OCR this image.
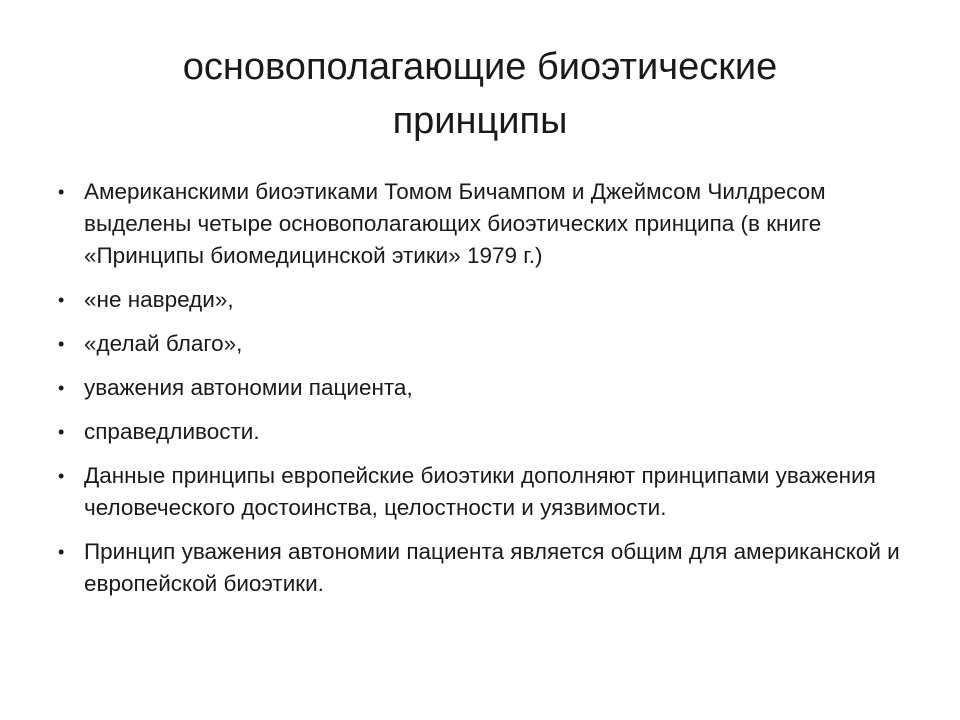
основополагающие биоэтические
принципы
• Американскими биоэтиками Томом Бичампом и Джеймсом Чилдресом выделены четыре основополагающих биоэтических принципа (в книге «Принципы биомедицинской этики» 1979 г.)
• «не навреди»,
• «делай благо»,
• уважения автономии пациента,
• справедливости.
• Данные принципы европейские биоэтики дополняют принципами уважения человеческого достоинства, целостности и уязвимости.
• Принцип уважения автономии пациента является общим для американской и европейской биоэтики.
